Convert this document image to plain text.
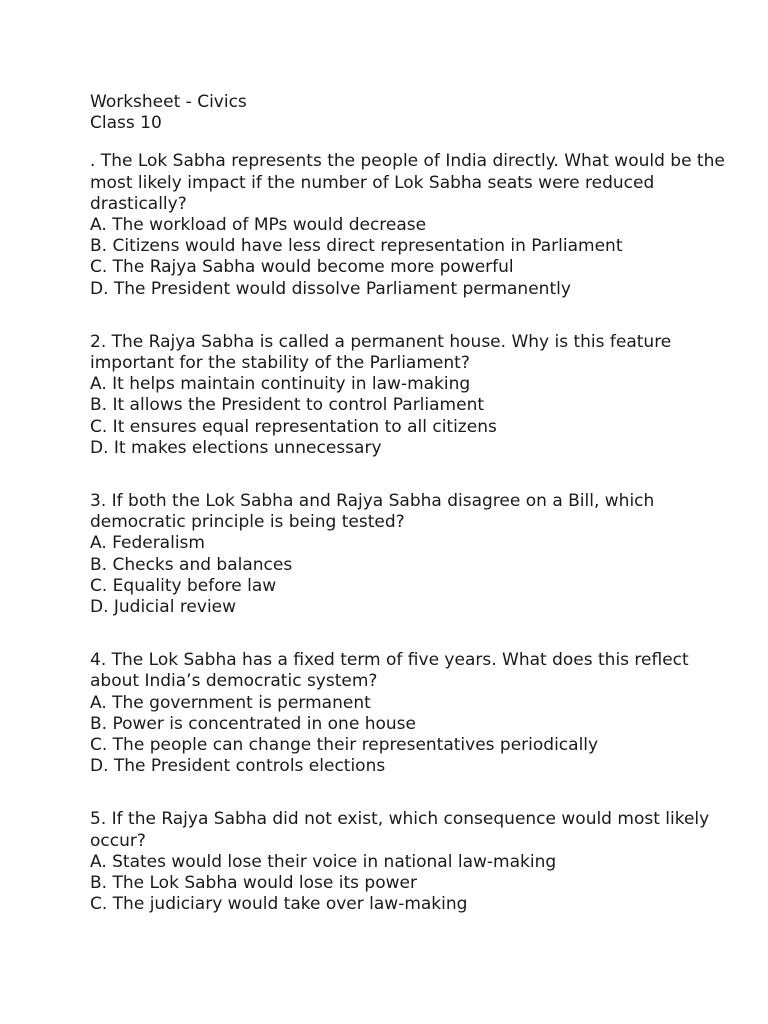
Worksheet - Civics
Class 10
. The Lok Sabha represents the people of India directly. What would be the most likely impact if the number of Lok Sabha seats were reduced drastically?
A. The workload of MPs would decrease
B. Citizens would have less direct representation in Parliament
C. The Rajya Sabha would become more powerful
D. The President would dissolve Parliament permanently
2. The Rajya Sabha is called a permanent house. Why is this feature important for the stability of the Parliament?
A. It helps maintain continuity in law-making
B. It allows the President to control Parliament
C. It ensures equal representation to all citizens
D. It makes elections unnecessary
3. If both the Lok Sabha and Rajya Sabha disagree on a Bill, which democratic principle is being tested?
A. Federalism
B. Checks and balances
C. Equality before law
D. Judicial review
4. The Lok Sabha has a fixed term of five years. What does this reflect about India’s democratic system?
A. The government is permanent
B. Power is concentrated in one house
C. The people can change their representatives periodically
D. The President controls elections
5. If the Rajya Sabha did not exist, which consequence would most likely occur?
A. States would lose their voice in national law-making
B. The Lok Sabha would lose its power
C. The judiciary would take over law-making
